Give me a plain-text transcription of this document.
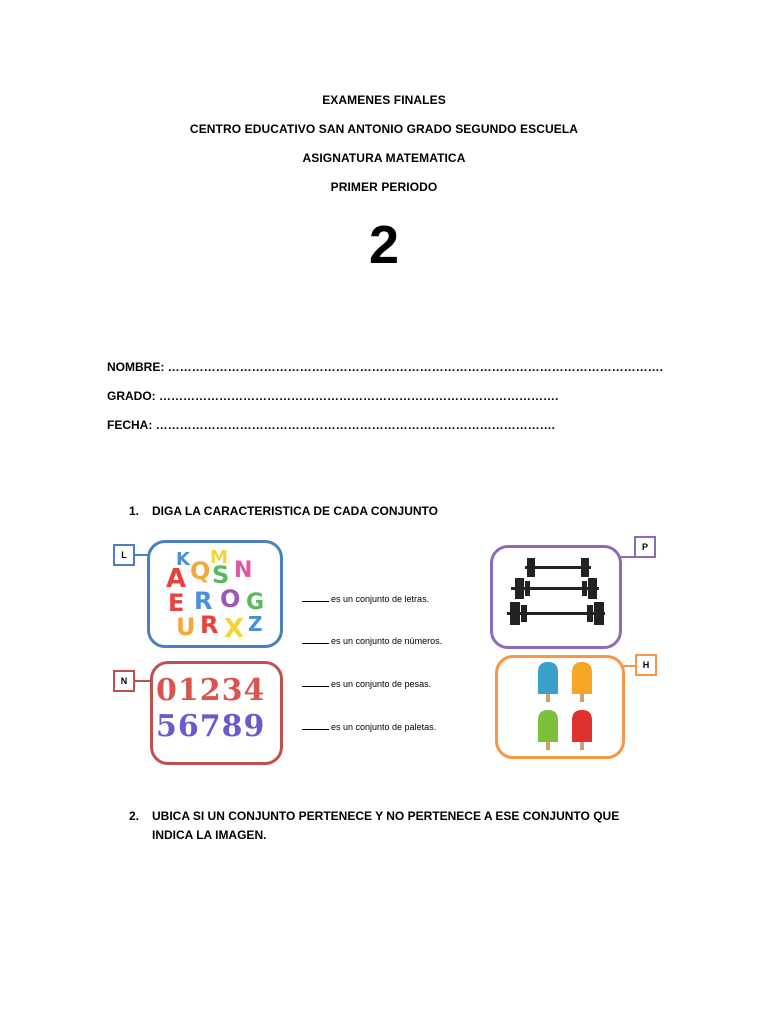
EXAMENES FINALES
CENTRO EDUCATIVO SAN ANTONIO GRADO SEGUNDO ESCUELA
ASIGNATURA MATEMATICA
PRIMER PERIODO
2
NOMBRE: …………………………………………………………………………………………………………….
GRADO: ……………………………………………………………………………………….
FECHA: ……………………………………………………………………………………….
1. DIGA LA CARACTERISTICA DE CADA CONJUNTO
L
A Q S N
K M
E R O G
U R X Z
N 01234
56789
es un conjunto de letras.
es un conjunto de números.
es un conjunto de pesas.
es un conjunto de paletas.
P
H
2. UBICA SI UN CONJUNTO PERTENECE Y NO PERTENECE A ESE CONJUNTO QUE INDICA LA IMAGEN.
